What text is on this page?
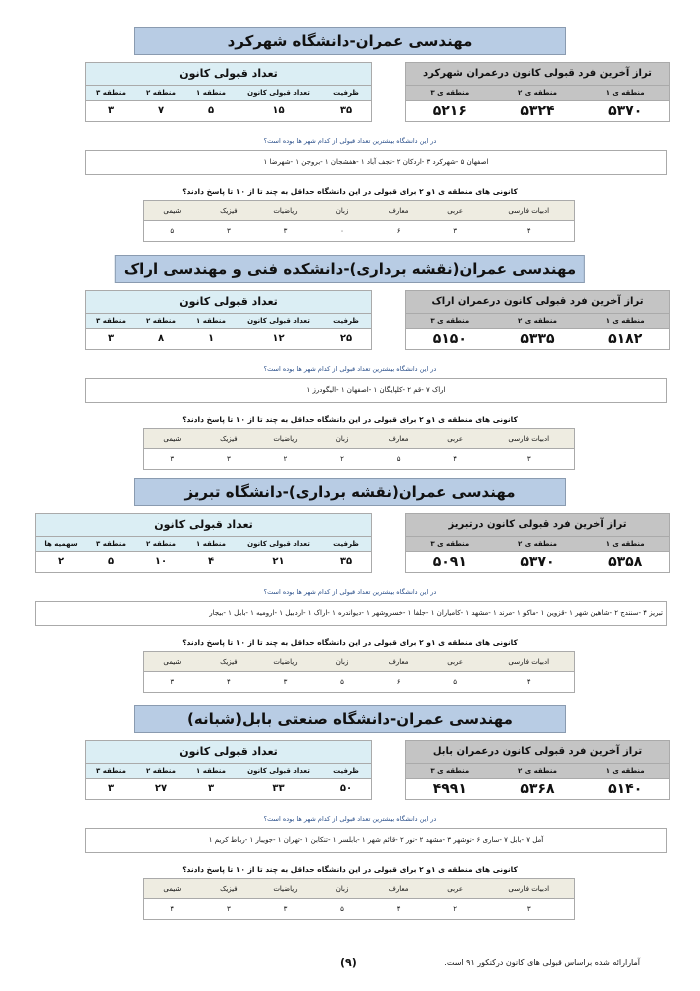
مهندسی عمران-دانشگاه شهرکرد
تعداد قبولی کانون
ظرفیت
تعداد قبولی کانون
منطقه ۱
منطقه ۲
منطقه ۳
۳۵
۱۵
۵
۷
۳
تراز آخرین فرد قبولی کانون درعمران شهرکرد
منطقه ی ۱
منطقه ی ۲
منطقه ی ۳
۵۳۷۰
۵۳۲۴
۵۲۱۶
در این دانشگاه بیشترین تعداد قبولی از کدام شهر ها بوده است؟
اصفهان ۵ -شهرکرد ۳ -اردکان ۲ -نجف آباد ۱ -هفشجان ۱ -بروجن ۱ -شهرضا ۱
کانونی های منطقه ی ۱و ۲ برای قبولی در این دانشگاه حداقل به چند تا از ۱۰ تا پاسخ دادند؟
ادبیات فارسی
عربی
معارف
زبان
ریاضیات
فیزیک
شیمی
۴
۳
۶
۰
۳
۳
۵
مهندسی عمران(نقشه برداری)-دانشکده فنی و مهندسی اراک
تعداد قبولی کانون
ظرفیت
تعداد قبولی کانون
منطقه ۱
منطقه ۲
منطقه ۳
۲۵
۱۲
۱
۸
۳
تراز آخرین فرد قبولی کانون درعمران اراک
منطقه ی ۱
منطقه ی ۲
منطقه ی ۳
۵۱۸۲
۵۳۳۵
۵۱۵۰
در این دانشگاه بیشترین تعداد قبولی از کدام شهر ها بوده است؟
اراک ۷ -قم ۲ -کلپایگان ۱ -اصفهان ۱ -الیگودرز ۱
کانونی های منطقه ی ۱و ۲ برای قبولی در این دانشگاه حداقل به چند تا از ۱۰ تا پاسخ دادند؟
ادبیات فارسی
عربی
معارف
زبان
ریاضیات
فیزیک
شیمی
۳
۴
۵
۲
۲
۳
۳
مهندسی عمران(نقشه برداری)-دانشگاه تبریز
تعداد قبولی کانون
ظرفیت
تعداد قبولی کانون
منطقه ۱
منطقه ۲
منطقه ۳
سهمیه ها
۳۵
۲۱
۴
۱۰
۵
۲
تراز آخرین فرد قبولی کانون درتبریز
منطقه ی ۱
منطقه ی ۲
منطقه ی ۳
۵۳۵۸
۵۳۷۰
۵۰۹۱
در این دانشگاه بیشترین تعداد قبولی از کدام شهر ها بوده است؟
تبریز ۴ -سنندج ۲ -شاهین شهر ۱ -قزوین ۱ -ماکو ۱ -مرند ۱ -مشهد ۱ -کامیاران ۱ -جلفا ۱ -خسروشهر ۱ -دیواندره ۱ -اراک ۱ -اردبیل ۱ -ارومیه ۱ -بابل ۱ -بیجار
کانونی های منطقه ی ۱و ۲ برای قبولی در این دانشگاه حداقل به چند تا از ۱۰ تا پاسخ دادند؟
ادبیات فارسی
عربی
معارف
زبان
ریاضیات
فیزیک
شیمی
۴
۵
۶
۵
۳
۴
۳
مهندسی عمران-دانشگاه صنعتی بابل(شبانه)
تعداد قبولی کانون
ظرفیت
تعداد قبولی کانون
منطقه ۱
منطقه ۲
منطقه ۳
۵۰
۳۳
۳
۲۷
۳
تراز آخرین فرد قبولی کانون درعمران بابل
منطقه ی ۱
منطقه ی ۲
منطقه ی ۳
۵۱۴۰
۵۳۶۸
۴۹۹۱
در این دانشگاه بیشترین تعداد قبولی از کدام شهر ها بوده است؟
آمل ۷ -بابل ۷ -ساری ۶ -نوشهر ۳ -مشهد ۲ -نور ۲ -قائم شهر ۱ -بابلسر ۱ -تنکابن ۱ -تهران ۱ -جویبار ۱ -رباط کریم ۱
کانونی های منطقه ی ۱و ۲ برای قبولی در این دانشگاه حداقل به چند تا از ۱۰ تا پاسخ دادند؟
ادبیات فارسی
عربی
معارف
زبان
ریاضیات
فیزیک
شیمی
۳
۲
۴
۵
۳
۳
۴
(۹)	آمارارائه شده براساس قبولی های کانون درکنکور ۹۱ است.
